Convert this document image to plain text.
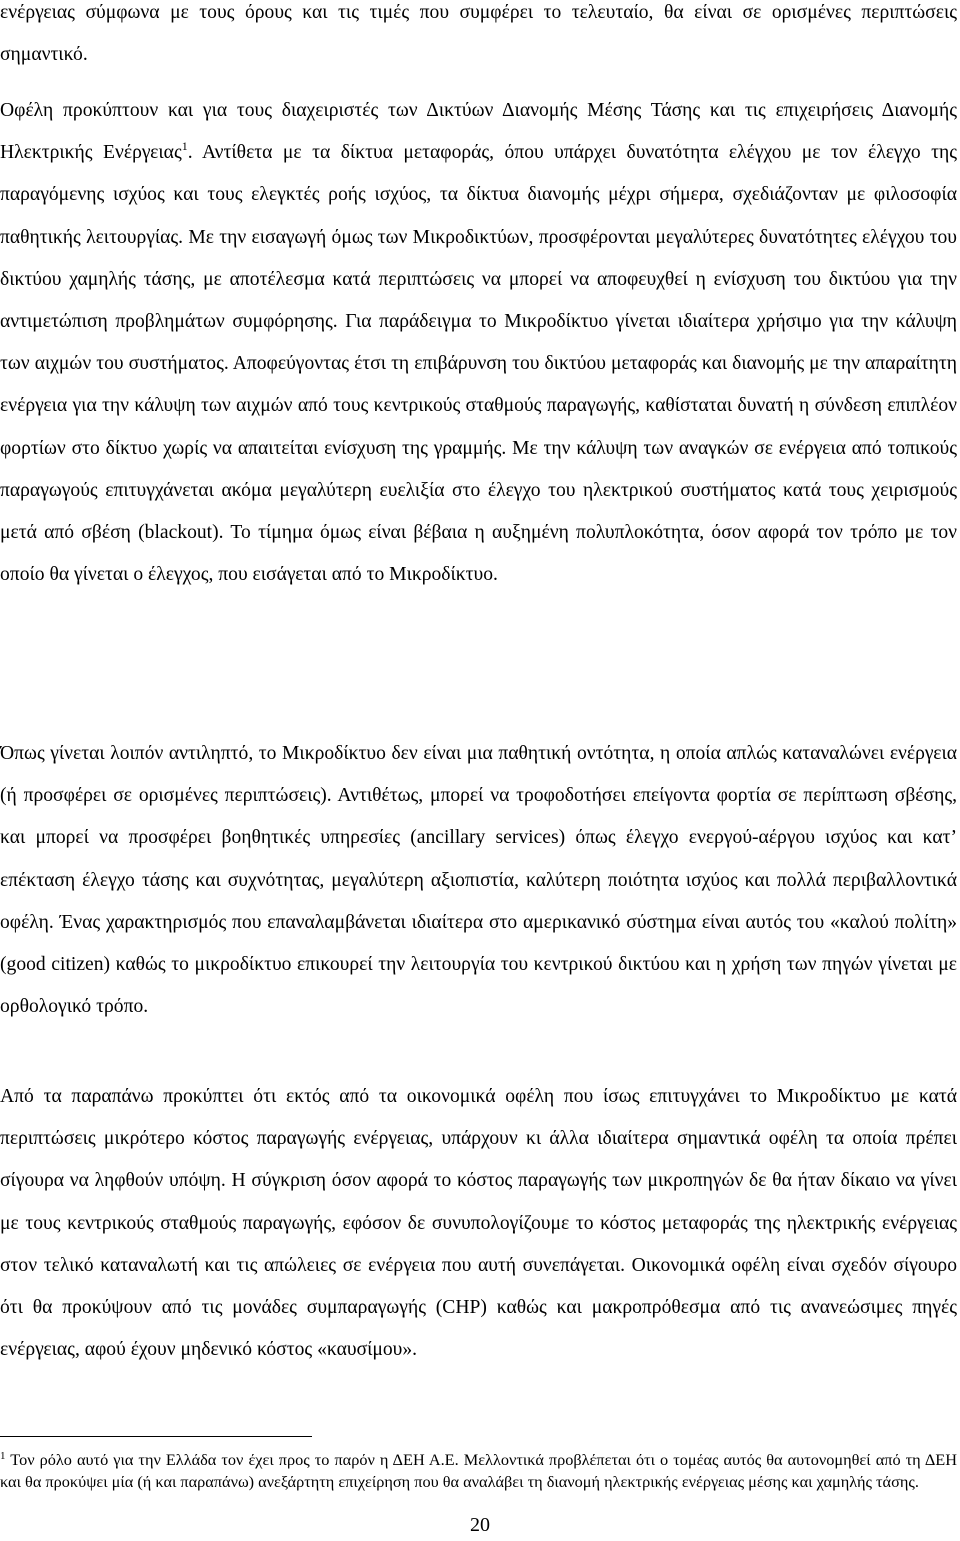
ενέργειας σύμφωνα με τους όρους και τις τιμές που συμφέρει το τελευταίο, θα είναι σε ορισμένες περιπτώσεις σημαντικό.

Οφέλη προκύπτουν και για τους διαχειριστές των Δικτύων Διανομής Μέσης Τάσης και τις επιχειρήσεις Διανομής Ηλεκτρικής Ενέργειας$^1$. Αντίθετα με τα δίκτυα μεταφοράς, όπου υπάρχει δυνατότητα ελέγχου με τον έλεγχο της παραγόμενης ισχύος και τους ελεγκτές ροής ισχύος, τα δίκτυα διανομής μέχρι σήμερα, σχεδιάζονταν με φιλοσοφία παθητικής λειτουργίας. Με την εισαγωγή όμως των Μικροδικτύων, προσφέρονται μεγαλύτερες δυνατότητες ελέγχου του δικτύου χαμηλής τάσης, με αποτέλεσμα κατά περιπτώσεις να μπορεί να αποφευχθεί η ενίσχυση του δικτύου για την αντιμετώπιση προβλημάτων συμφόρησης. Για παράδειγμα το Μικροδίκτυο γίνεται ιδιαίτερα χρήσιμο για την κάλυψη των αιχμών του συστήματος. Αποφεύγοντας έτσι τη επιβάρυνση του δικτύου μεταφοράς και διανομής με την απαραίτητη ενέργεια για την κάλυψη των αιχμών από τους κεντρικούς σταθμούς παραγωγής, καθίσταται δυνατή η σύνδεση επιπλέον φορτίων στο δίκτυο χωρίς να απαιτείται ενίσχυση της γραμμής. Με την κάλυψη των αναγκών σε ενέργεια από τοπικούς παραγωγούς επιτυγχάνεται ακόμα μεγαλύτερη ευελιξία στο έλεγχο του ηλεκτρικού συστήματος κατά τους χειρισμούς μετά από σβέση (blackout). Το τίμημα όμως είναι βέβαια η αυξημένη πολυπλοκότητα, όσον αφορά τον τρόπο με τον οποίο θα γίνεται ο έλεγχος, που εισάγεται από το Μικροδίκτυο.

Όπως γίνεται λοιπόν αντιληπτό, το Μικροδίκτυο δεν είναι μια παθητική οντότητα, η οποία απλώς καταναλώνει ενέργεια (ή προσφέρει σε ορισμένες περιπτώσεις). Αντιθέτως, μπορεί να τροφοδοτήσει επείγοντα φορτία σε περίπτωση σβέσης, και μπορεί να προσφέρει βοηθητικές υπηρεσίες (ancillary services) όπως έλεγχο ενεργού-αέργου ισχύος και κατ’ επέκταση έλεγχο τάσης και συχνότητας, μεγαλύτερη αξιοπιστία, καλύτερη ποιότητα ισχύος και πολλά περιβαλλοντικά οφέλη. Ένας χαρακτηρισμός που επαναλαμβάνεται ιδιαίτερα στο αμερικανικό σύστημα είναι αυτός του «καλού πολίτη» (good citizen) καθώς το μικροδίκτυο επικουρεί την λειτουργία του κεντρικού δικτύου και η χρήση των πηγών γίνεται με ορθολογικό τρόπο.

Από τα παραπάνω προκύπτει ότι εκτός από τα οικονομικά οφέλη που ίσως επιτυγχάνει το Μικροδίκτυο με κατά περιπτώσεις μικρότερο κόστος παραγωγής ενέργειας, υπάρχουν κι άλλα ιδιαίτερα σημαντικά οφέλη τα οποία πρέπει σίγουρα να ληφθούν υπόψη. Η σύγκριση όσον αφορά το κόστος παραγωγής των μικροπηγών δε θα ήταν δίκαιο να γίνει με τους κεντρικούς σταθμούς παραγωγής, εφόσον δε συνυπολογίζουμε το κόστος μεταφοράς της ηλεκτρικής ενέργειας στον τελικό καταναλωτή και τις απώλειες σε ενέργεια που αυτή συνεπάγεται. Οικονομικά οφέλη είναι σχεδόν σίγουρο ότι θα προκύψουν από τις μονάδες συμπαραγωγής (CHP) καθώς και μακροπρόθεσμα από τις ανανεώσιμες πηγές ενέργειας, αφού έχουν μηδενικό κόστος «καυσίμου».

$^1$ Τον ρόλο αυτό για την Ελλάδα τον έχει προς το παρόν η ΔΕΗ Α.Ε. Μελλοντικά προβλέπεται ότι ο τομέας αυτός θα αυτονομηθεί από τη ΔΕΗ και θα προκύψει μία (ή και παραπάνω) ανεξάρτητη επιχείρηση που θα αναλάβει τη διανομή ηλεκτρικής ενέργειας μέσης και χαμηλής τάσης.

20
